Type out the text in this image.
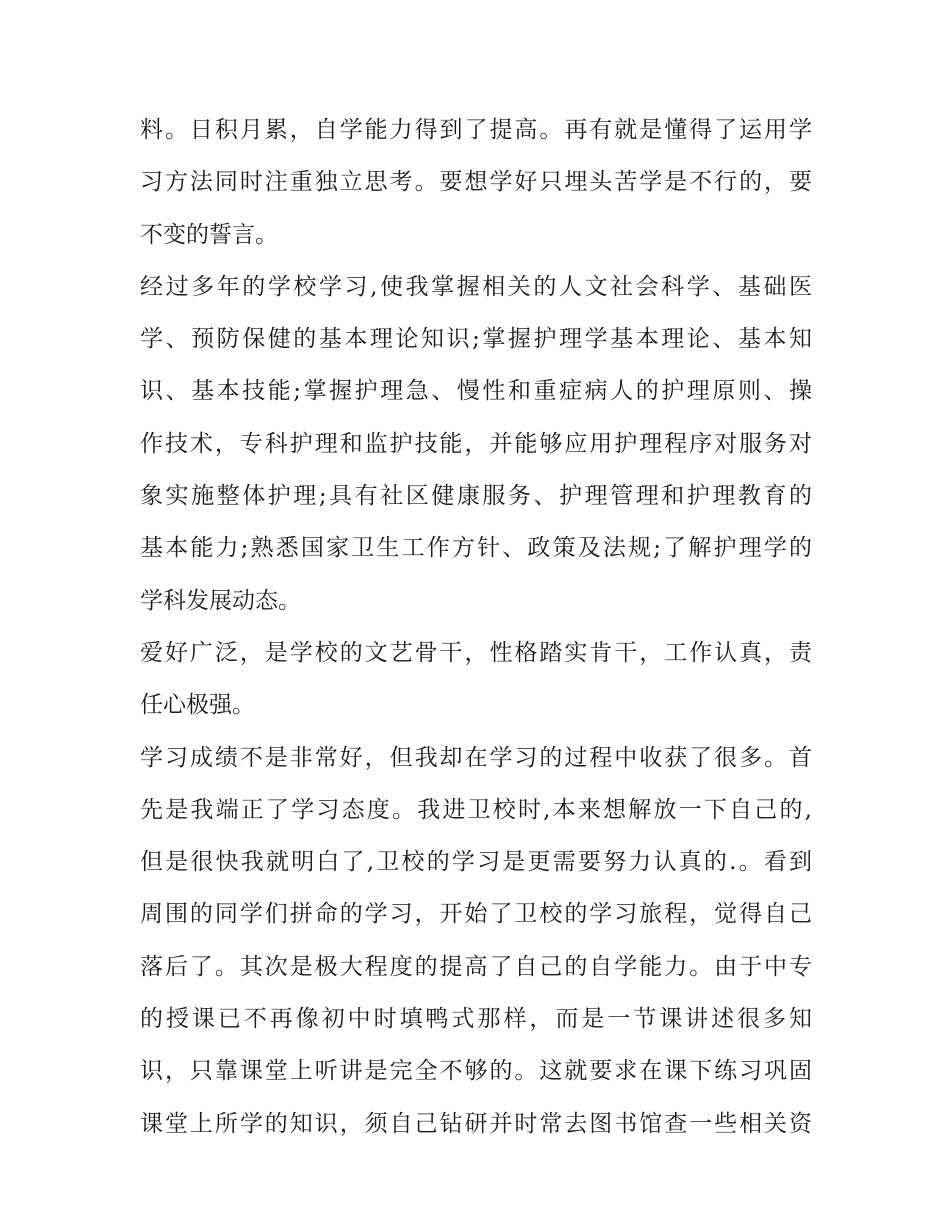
料。日积月累，自学能力得到了提高。再有就是懂得了运用学
习方法同时注重独立思考。要想学好只埋头苦学是不行的，要
不变的誓言。
经过多年的学校学习,使我掌握相关的人文社会科学、基础医
学、预防保健的基本理论知识;掌握护理学基本理论、基本知
识、基本技能;掌握护理急、慢性和重症病人的护理原则、操
作技术，专科护理和监护技能，并能够应用护理程序对服务对
象实施整体护理;具有社区健康服务、护理管理和护理教育的
基本能力;熟悉国家卫生工作方针、政策及法规;了解护理学的
学科发展动态。
爱好广泛，是学校的文艺骨干，性格踏实肯干，工作认真，责
任心极强。
学习成绩不是非常好，但我却在学习的过程中收获了很多。首
先是我端正了学习态度。我进卫校时,本来想解放一下自己的,
但是很快我就明白了,卫校的学习是更需要努力认真的.。看到
周围的同学们拼命的学习，开始了卫校的学习旅程，觉得自己
落后了。其次是极大程度的提高了自己的自学能力。由于中专
的授课已不再像初中时填鸭式那样，而是一节课讲述很多知
识，只靠课堂上听讲是完全不够的。这就要求在课下练习巩固
课堂上所学的知识，须自己钻研并时常去图书馆查一些相关资
